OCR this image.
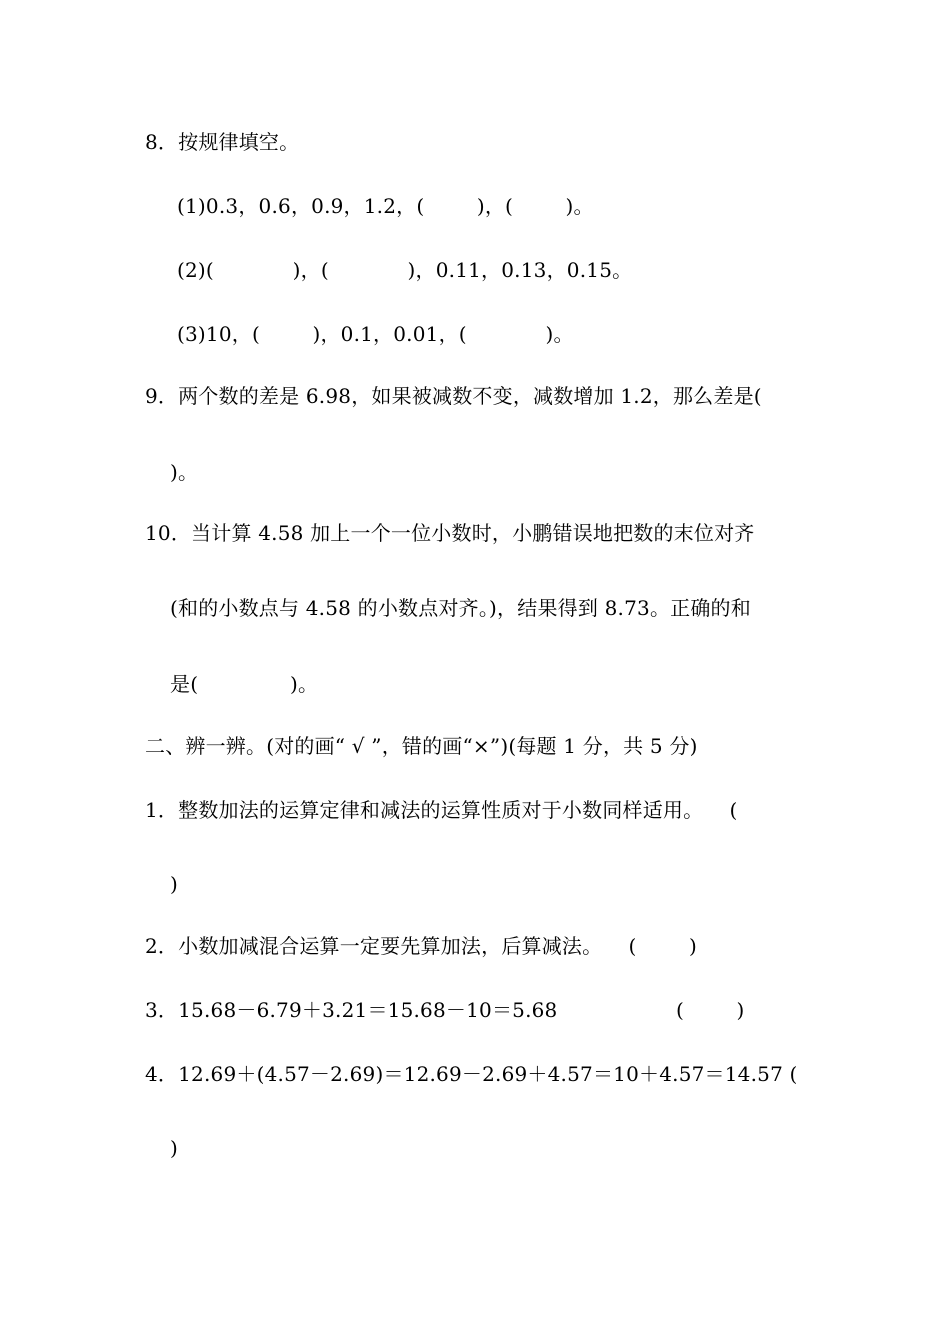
8．按规律填空。
(1)0.3，0.6，0.9，1.2，(        )，(        )。
(2)(            )，(            )，0.11，0.13，0.15。
(3)10，(        )，0.1，0.01，(            )。
9．两个数的差是 6.98，如果被减数不变，减数增加 1.2，那么差是(
)。
10．当计算 4.58 加上一个一位小数时，小鹏错误地把数的末位对齐
(和的小数点与 4.58 的小数点对齐。)，结果得到 8.73。正确的和
是(              )。
二、辨一辨。(对的画“ √ ”，错的画“×”)(每题 1 分，共 5 分)
1．整数加法的运算定律和减法的运算性质对于小数同样适用。    (
)
2．小数加减混合运算一定要先算加法，后算减法。    (        )
3．15.68－6.79＋3.21＝15.68－10＝5.68	(        )
4．12.69＋(4.57－2.69)＝12.69－2.69＋4.57＝10＋4.57＝14.57 (
)
